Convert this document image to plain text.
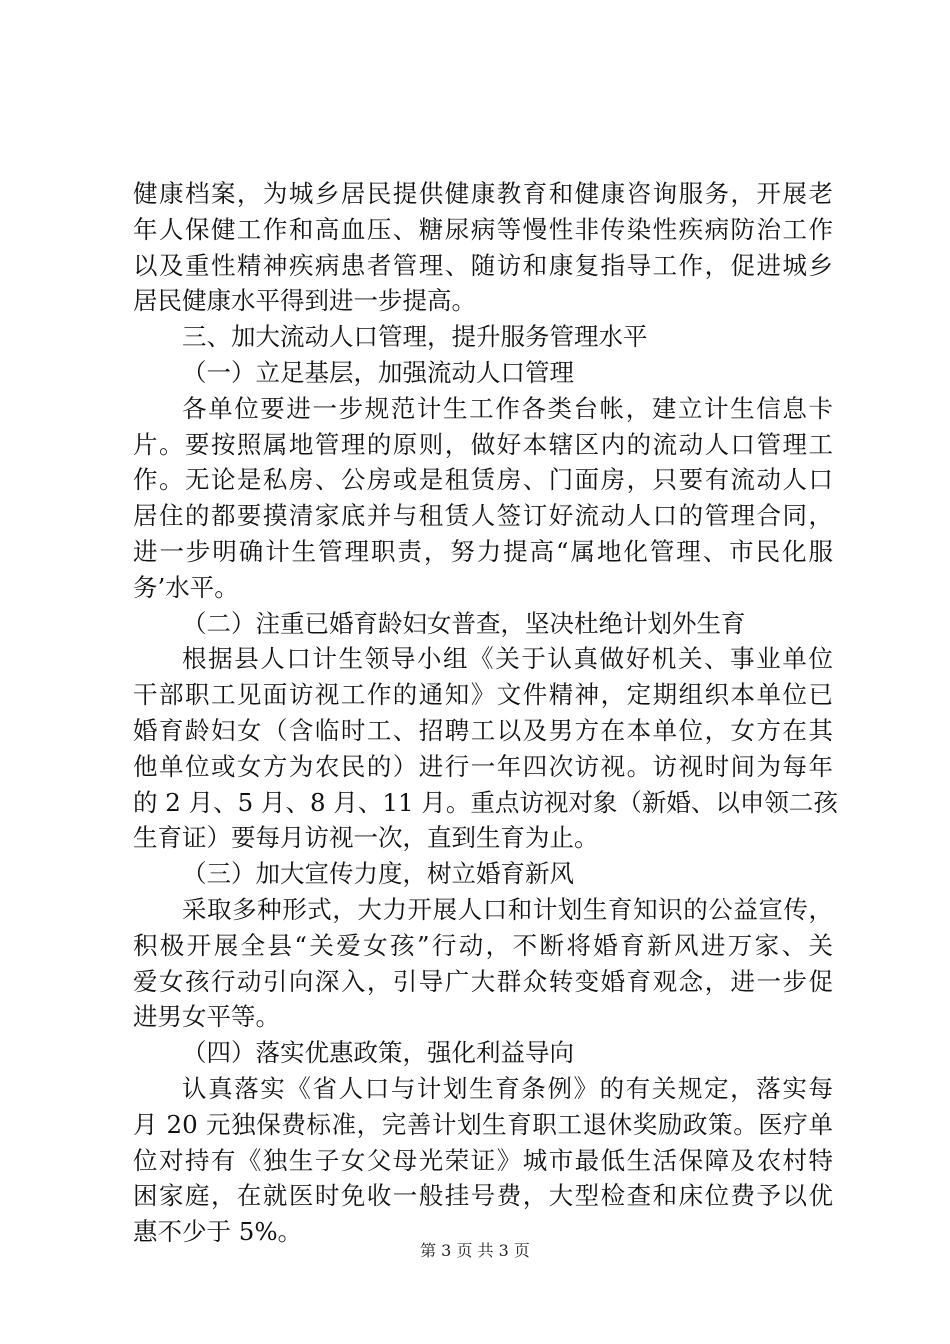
健康档案，为城乡居民提供健康教育和健康咨询服务，开展老
年人保健工作和高血压、糖尿病等慢性非传染性疾病防治工作
以及重性精神疾病患者管理、随访和康复指导工作，促进城乡
居民健康水平得到进一步提高。
三、加大流动人口管理，提升服务管理水平
（一）立足基层，加强流动人口管理
各单位要进一步规范计生工作各类台帐，建立计生信息卡
片。要按照属地管理的原则，做好本辖区内的流动人口管理工
作。无论是私房、公房或是租赁房、门面房，只要有流动人口
居住的都要摸清家底并与租赁人签订好流动人口的管理合同，
进一步明确计生管理职责，努力提高“属地化管理、市民化服
务’水平。
（二）注重已婚育龄妇女普查，坚决杜绝计划外生育
根据县人口计生领导小组《关于认真做好机关、事业单位
干部职工见面访视工作的通知》文件精神，定期组织本单位已
婚育龄妇女（含临时工、招聘工以及男方在本单位，女方在其
他单位或女方为农民的）进行一年四次访视。访视时间为每年
的 2 月、5 月、8 月、11 月。重点访视对象（新婚、以申领二孩
生育证）要每月访视一次，直到生育为止。
（三）加大宣传力度，树立婚育新风
采取多种形式，大力开展人口和计划生育知识的公益宣传，
积极开展全县“关爱女孩”行动，不断将婚育新风进万家、关
爱女孩行动引向深入，引导广大群众转变婚育观念，进一步促
进男女平等。
（四）落实优惠政策，强化利益导向
认真落实《省人口与计划生育条例》的有关规定，落实每
月 20 元独保费标准，完善计划生育职工退休奖励政策。医疗单
位对持有《独生子女父母光荣证》城市最低生活保障及农村特
困家庭，在就医时免收一般挂号费，大型检查和床位费予以优
惠不少于 5%。
第 3 页 共 3 页
